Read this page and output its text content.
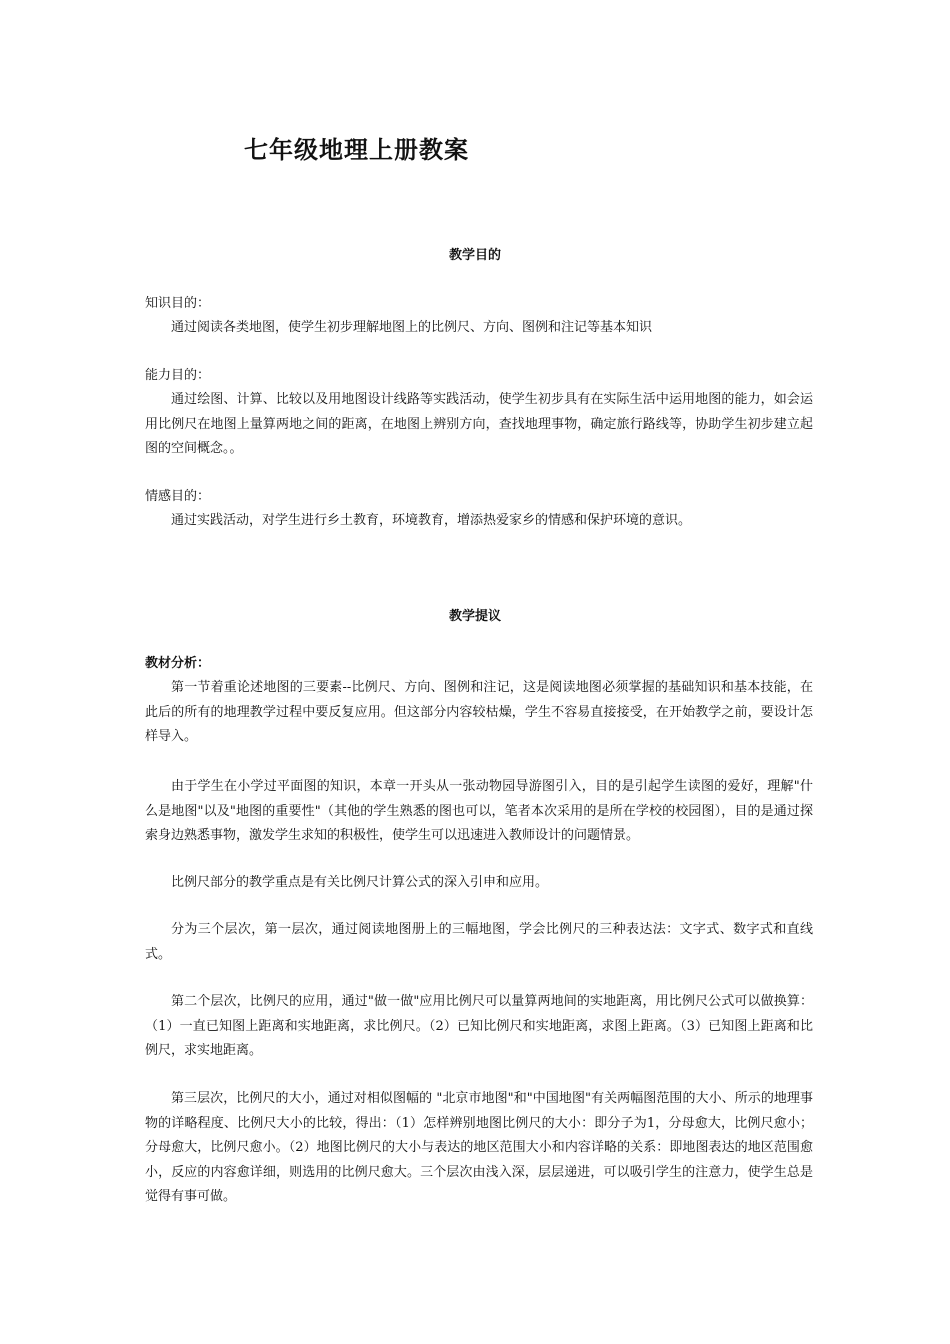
七年级地理上册教案
教学目的

知识目的：

通过阅读各类地图，使学生初步理解地图上的比例尺、方向、图例和注记等基本知识

能力目的：

通过绘图、计算、比较以及用地图设计线路等实践活动，使学生初步具有在实际生活中运用地图的能力，如会运用比例尺在地图上量算两地之间的距离，在地图上辨别方向，查找地理事物，确定旅行路线等，协助学生初步建立起图的空间概念。。

情感目的：

通过实践活动，对学生进行乡土教育，环境教育，增添热爱家乡的情感和保护环境的意识。

教学提议

教材分析：

第一节着重论述地图的三要素--比例尺、方向、图例和注记，这是阅读地图必须掌握的基础知识和基本技能，在此后的所有的地理教学过程中要反复应用。但这部分内容较枯燥，学生不容易直接接受，在开始教学之前，要设计怎样导入。

由于学生在小学过平面图的知识，本章一开头从一张动物园导游图引入，目的是引起学生读图的爱好，理解"什么是地图"以及"地图的重要性"（其他的学生熟悉的图也可以，笔者本次采用的是所在学校的校园图），目的是通过探索身边熟悉事物，激发学生求知的积极性，使学生可以迅速进入教师设计的问题情景。

比例尺部分的教学重点是有关比例尺计算公式的深入引申和应用。

分为三个层次，第一层次，通过阅读地图册上的三幅地图，学会比例尺的三种表达法：文字式、数字式和直线式。

第二个层次，比例尺的应用，通过"做一做"应用比例尺可以量算两地间的实地距离，用比例尺公式可以做换算：（1）一直已知图上距离和实地距离，求比例尺。（2）已知比例尺和实地距离，求图上距离。（3）已知图上距离和比例尺，求实地距离。

第三层次，比例尺的大小，通过对相似图幅的 "北京市地图"和"中国地图"有关两幅图范围的大小、所示的地理事物的详略程度、比例尺大小的比较，得出：（1）怎样辨别地图比例尺的大小：即分子为1，分母愈大，比例尺愈小；分母愈大，比例尺愈小。（2）地图比例尺的大小与表达的地区范围大小和内容详略的关系：即地图表达的地区范围愈小，反应的内容愈详细，则选用的比例尺愈大。三个层次由浅入深，层层递进，可以吸引学生的注意力，使学生总是觉得有事可做。
